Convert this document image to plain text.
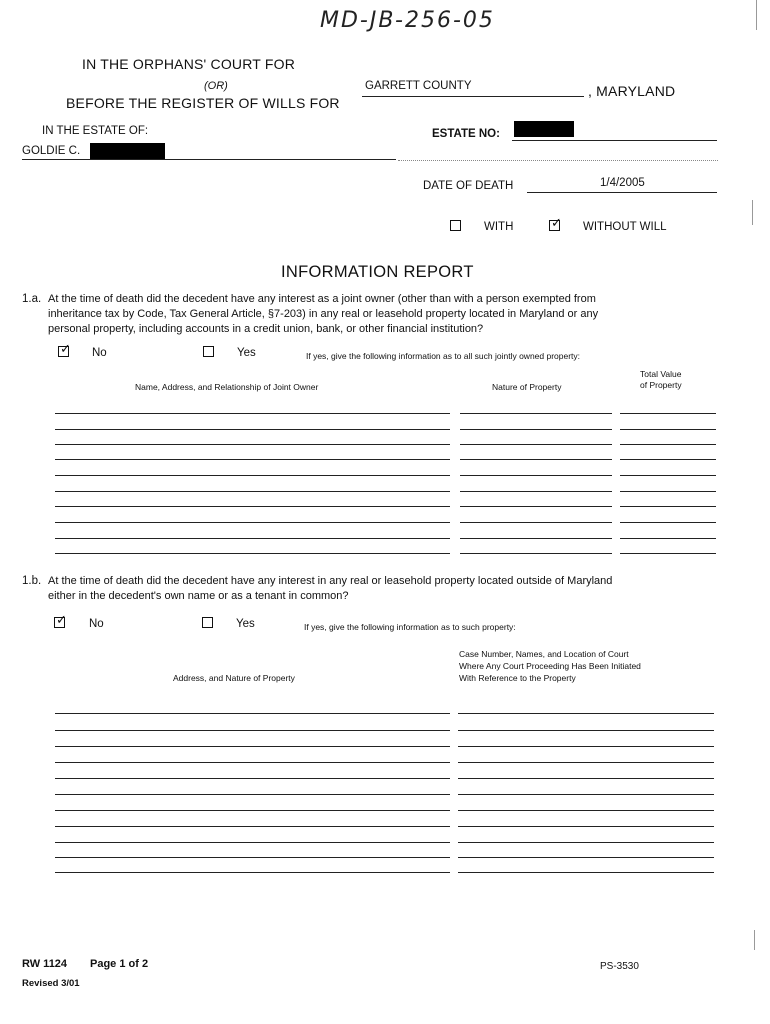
MD-JB-256-05
IN THE ORPHANS' COURT FOR
(OR)
BEFORE THE REGISTER OF WILLS FOR
GARRETT COUNTY	, MARYLAND
IN THE ESTATE OF:
GOLDIE C.
ESTATE NO:
DATE OF DEATH	1/4/2005
WITH	✓ WITHOUT WILL
INFORMATION REPORT
1.a. At the time of death did the decedent have any interest as a joint owner (other than with a person exempted from
inheritance tax by Code, Tax General Article, §7-203) in any real or leasehold property located in Maryland or any
personal property, including accounts in a credit union, bank, or other financial institution?
✓ No	Yes	If yes, give the following information as to all such jointly owned property:
Name, Address, and Relationship of Joint Owner	Nature of Property
Total Value
of Property
1.b. At the time of death did the decedent have any interest in any real or leasehold property located outside of Maryland
either in the decedent's own name or as a tenant in common?
✓ No	Yes	If yes, give the following information as to such property:
Address, and Nature of Property
Case Number, Names, and Location of Court
Where Any Court Proceeding Has Been Initiated
With Reference to the Property
RW 1124 Page 1 of 2
Revised 3/01
PS-3530
